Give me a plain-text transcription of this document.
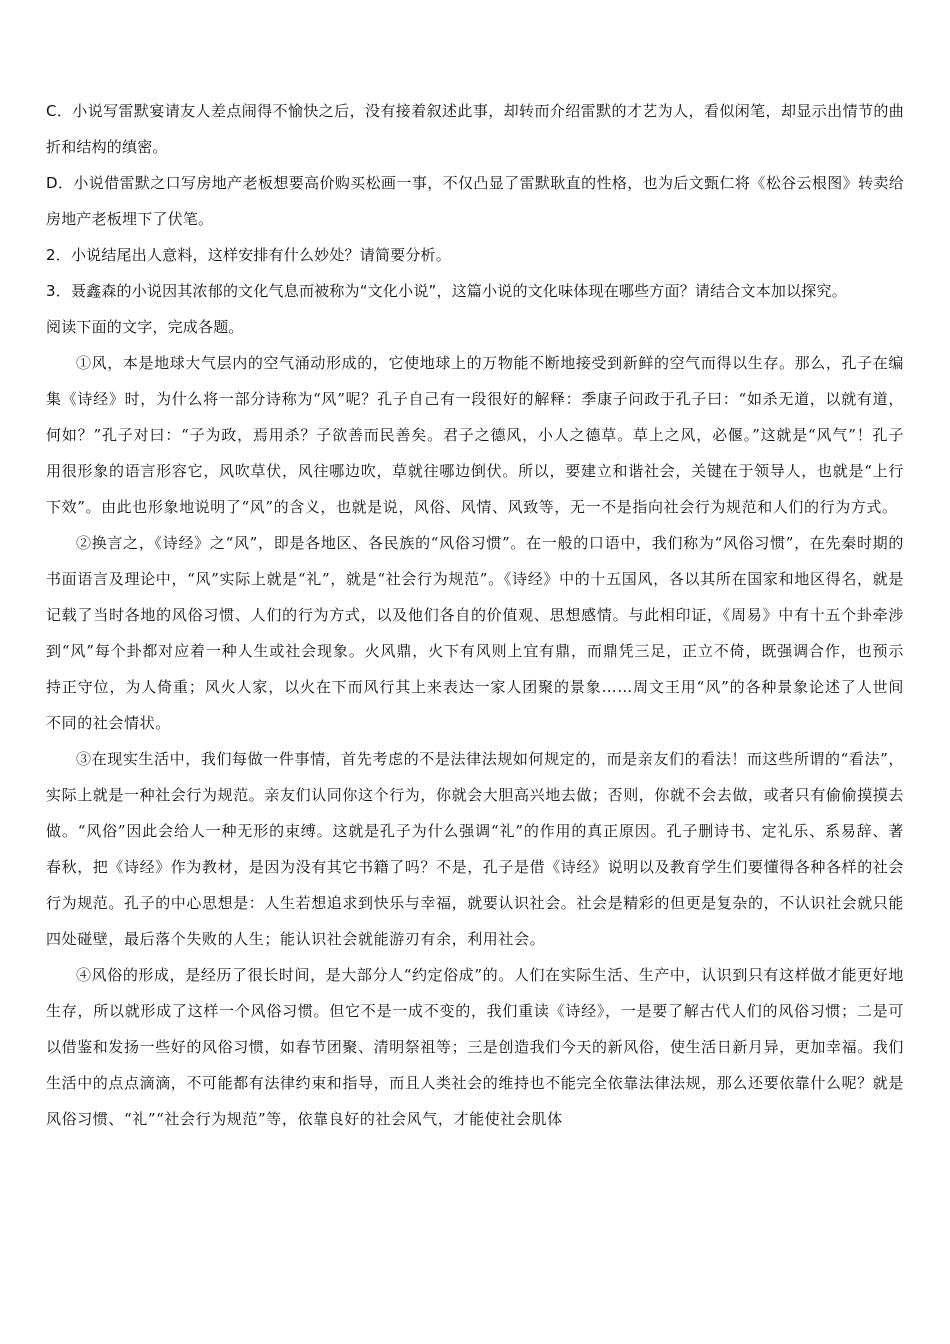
C．小说写雷默宴请友人差点闹得不愉快之后，没有接着叙述此事，却转而介绍雷默的才艺为人，看似闲笔，却显示出情节的曲折和结构的缜密。

D．小说借雷默之口写房地产老板想要高价购买松画一事，不仅凸显了雷默耿直的性格，也为后文甄仁将《松谷云根图》转卖给房地产老板埋下了伏笔。

2．小说结尾出人意料，这样安排有什么妙处？请简要分析。

3．聂鑫森的小说因其浓郁的文化气息而被称为“文化小说”，这篇小说的文化味体现在哪些方面？请结合文本加以探究。

阅读下面的文字，完成各题。

①风，本是地球大气层内的空气涌动形成的，它使地球上的万物能不断地接受到新鲜的空气而得以生存。那么，孔子在编集《诗经》时，为什么将一部分诗称为“风”呢？孔子自己有一段很好的解释：季康子问政于孔子曰：“如杀无道，以就有道，何如？”孔子对曰：“子为政，焉用杀？子欲善而民善矣。君子之德风，小人之德草。草上之风，必偃。”这就是“风气”！孔子用很形象的语言形容它，风吹草伏，风往哪边吹，草就往哪边倒伏。所以，要建立和谐社会，关键在于领导人，也就是“上行下效”。由此也形象地说明了“风”的含义，也就是说，风俗、风情、风致等，无一不是指向社会行为规范和人们的行为方式。

②换言之，《诗经》之“风”，即是各地区、各民族的“风俗习惯”。在一般的口语中，我们称为“风俗习惯”，在先秦时期的书面语言及理论中，“风”实际上就是“礼”，就是“社会行为规范”。《诗经》中的十五国风，各以其所在国家和地区得名，就是记载了当时各地的风俗习惯、人们的行为方式，以及他们各自的价值观、思想感情。与此相印证，《周易》中有十五个卦牵涉到“风”每个卦都对应着一种人生或社会现象。火风鼎，火下有风则上宜有鼎，而鼎凭三足，正立不倚，既强调合作，也预示持正守位，为人倚重；风火人家，以火在下而风行其上来表达一家人团聚的景象……周文王用“风”的各种景象论述了人世间不同的社会情状。

③在现实生活中，我们每做一件事情，首先考虑的不是法律法规如何规定的，而是亲友们的看法！而这些所谓的“看法”，实际上就是一种社会行为规范。亲友们认同你这个行为，你就会大胆高兴地去做；否则，你就不会去做，或者只有偷偷摸摸去做。“风俗”因此会给人一种无形的束缚。这就是孔子为什么强调“礼”的作用的真正原因。孔子删诗书、定礼乐、系易辞、著春秋，把《诗经》作为教材，是因为没有其它书籍了吗？不是，孔子是借《诗经》说明以及教育学生们要懂得各种各样的社会行为规范。孔子的中心思想是：人生若想追求到快乐与幸福，就要认识社会。社会是精彩的但更是复杂的，不认识社会就只能四处碰壁，最后落个失败的人生；能认识社会就能游刃有余，利用社会。

④风俗的形成，是经历了很长时间，是大部分人“约定俗成”的。人们在实际生活、生产中，认识到只有这样做才能更好地生存，所以就形成了这样一个风俗习惯。但它不是一成不变的，我们重读《诗经》，一是要了解古代人们的风俗习惯；二是可以借鉴和发扬一些好的风俗习惯，如春节团聚、清明祭祖等；三是创造我们今天的新风俗，使生活日新月异，更加幸福。我们生活中的点点滴滴，不可能都有法律约束和指导，而且人类社会的维持也不能完全依靠法律法规，那么还要依靠什么呢？就是风俗习惯、“礼”“社会行为规范”等，依靠良好的社会风气，才能使社会肌体
